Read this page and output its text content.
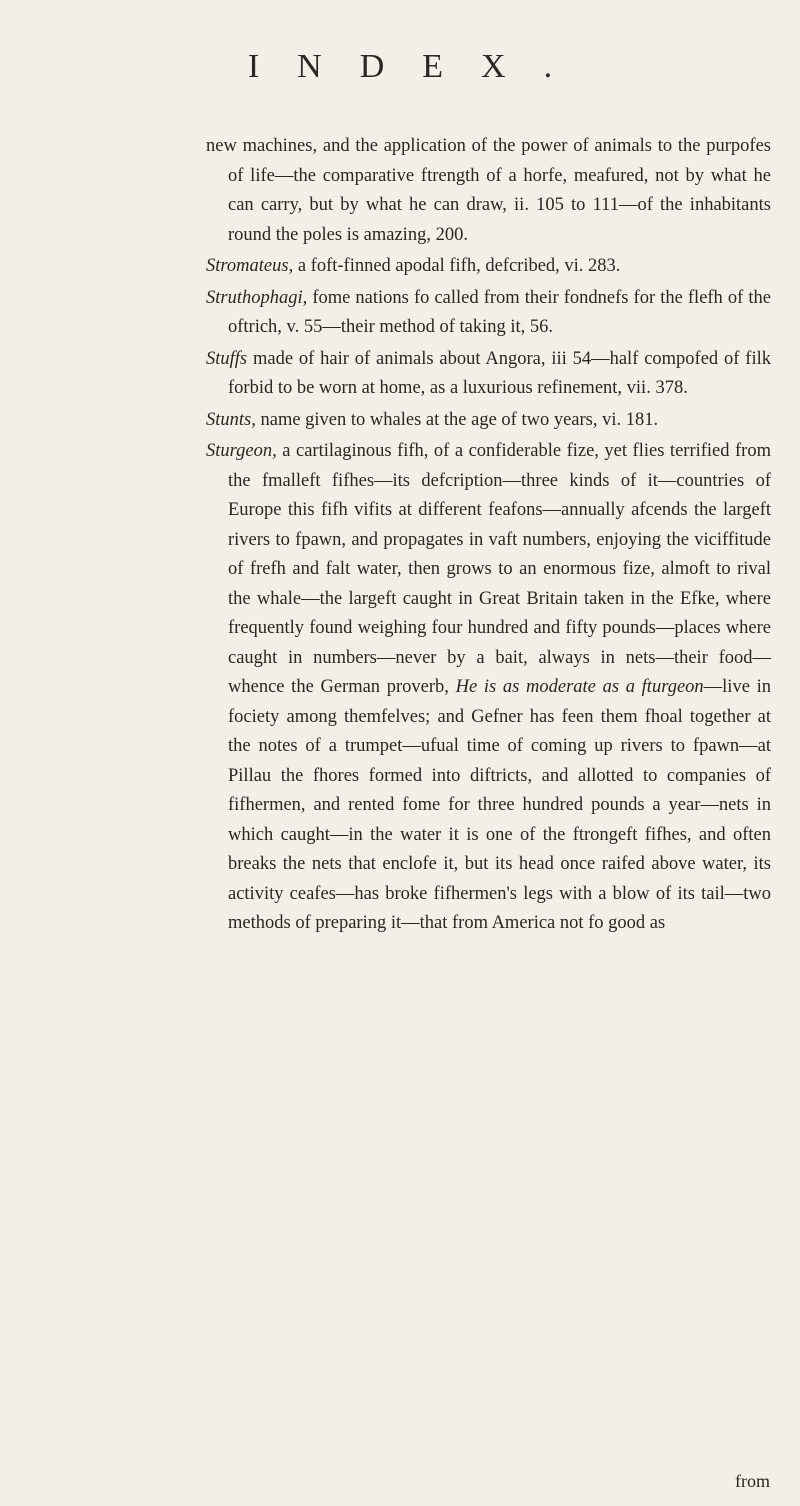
INDEX.

new machines, and the application of the power of animals to the purpofes of life—the comparative ftrength of a horfe, meafured, not by what he can carry, but by what he can draw, ii. 105 to 111—of the inhabitants round the poles is amazing, 200.

Stromateus, a foft-finned apodal fifh, defcribed, vi. 283.

Struthophagi, fome nations fo called from their fondnefs for the flefh of the oftrich, v. 55—their method of taking it, 56.

Stuffs made of hair of animals about Angora, iii 54—half compofed of filk forbid to be worn at home, as a luxurious refinement, vii. 378.

Stunts, name given to whales at the age of two years, vi. 181.

Sturgeon, a cartilaginous fifh, of a confiderable fize, yet flies terrified from the fmalleft fifhes—its defcription—three kinds of it—countries of Europe this fifh vifits at different feafons—annually afcends the largeft rivers to fpawn, and propagates in vaft numbers, enjoying the viciffitude of frefh and falt water, then grows to an enormous fize, almoft to rival the whale—the largeft caught in Great Britain taken in the Efke, where frequently found weighing four hundred and fifty pounds—places where caught in numbers—never by a bait, always in nets—their food—whence the German proverb, He is as moderate as a fturgeon—live in fociety among themfelves; and Gefner has feen them fhoal together at the notes of a trumpet—ufual time of coming up rivers to fpawn—at Pillau the fhores formed into diftricts, and allotted to companies of fifhermen, and rented fome for three hundred pounds a year—nets in which caught—in the water it is one of the ftrongeft fifhes, and often breaks the nets that enclofe it, but its head once raifed above water, its activity ceafes—has broke fifhermen's legs with a blow of its tail—two methods of preparing it—that from America not fo good as

from
